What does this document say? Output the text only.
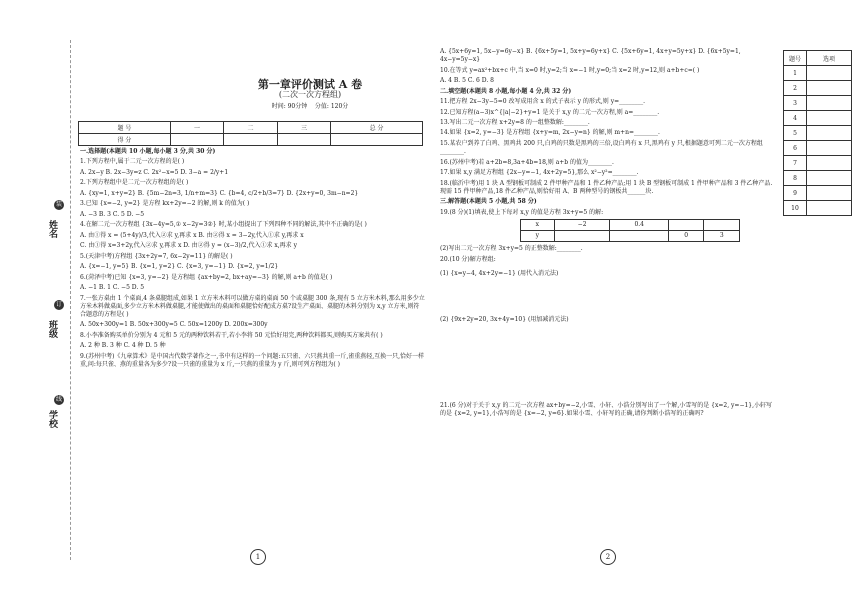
姓名
班级
学校
装
订
线
第一章评价测试 A 卷
(二次一次方程组)
时间: 90分钟 分值: 120分
题 号	一	二	三	总 分
得 分				

一.选择题(本题共 10 小题,每小题 3 分,共 30 分)

1.下列方程中,属于二元一次方程的是( )

A. 2x−y B. 2x−3y=z C. 2x²−x=5 D. 3−a = 2/y+1

2.下列方程组中是二元一次方程组的是( )

A. {xy=1, x+y=2} B. {5m−2n=3, 1/n+m=3} C. {b=4, c/2+b/3=7} D. {2x+y=0, 3m−n=2}

3.已知 {x=−2, y=2} 是方程 kx+2y=−2 的解,则 k 的值为( )

A. −3 B. 3 C. 5 D. −5

4.在解二元一次方程组 {3x−4y=5,① x−2y=3②} 时,某小组提出了下列四种不同的解法,其中不正确的是( )

A. 由①得 x = (5+4y)/3,代入②求 y,再求 x B. 由②得 x = 3−2y,代入①求 y,再求 x

C. 由①得 x=3+2y,代入②求 y,再求 x D. 由②得 y = (x−3)/2,代入①求 x,再求 y

5.(天津中考)方程组 {3x+2y=7, 6x−2y=11} 的解是( )

A. {x=−1, y=5} B. {x=1, y=2} C. {x=3, y=−1} D. {x=2, y=1/2}

6.(菏泽中考)已知 {x=3, y=−2} 是方程组 {ax+by=2, bx+ay=−3} 的解,则 a+b 的值是( )

A. −1 B. 1 C. −5 D. 5

7.一张方桌由 1 个桌面,4 条桌腿组成,如果 1 立方米木料可以做方桌的桌面 50 个或桌腿 300 条,现有 5 立方米木料,那么用多少立方米木料做桌面,多少立方米木料做桌腿,才能使做出的桌面和桌腿恰好配成方桌?设生产桌面、桌腿的木料分别为 x,y 立方米,则符合题意的方程是( )

A. 50x+300y=1 B. 50x+300y=5 C. 50x=1200y D. 200x=300y

8.小李准备购买单价分别为 4 元和 5 元的两种饮料若干,若小李将 50 元恰好用完,两种饮料都买,则购买方案共有( )

A. 2 种 B. 3 种 C. 4 种 D. 5 种

9.(苏州中考)《九章算术》是中国古代数学著作之一,书中有这样的一个问题:五只雀、六只燕共重一斤,雀重燕轻,互换一只,恰好一样重,问:每只雀、燕的重量各为多少?设一只雀的重量为 x 斤,一只燕的重量为 y 斤,则可列方程组为( )

A. {5x+6y=1, 5x−y=6y−x} B. {6x+5y=1, 5x+y=6y+x} C. {5x+6y=1, 4x+y=5y+x} D. {6x+5y=1, 4x−y=5y−x}

10.在等式 y=ax²+bx+c 中,当 x=0 时,y=2;当 x=−1 时,y=0;当 x=2 时,y=12,则 a+b+c=( )

A. 4 B. 5 C. 6 D. 8

二.填空题(本题共 8 小题,每小题 4 分,共 32 分)

11.把方程 2x−3y−5=0 改写成用含 x 的式子表示 y 的形式,则 y=________.

12.已知方程(a−3)x^{|a|−2}+y=1 是关于 x,y 的二元一次方程,则 a=________.

13.写出二元一次方程 x+2y=8 的一组整数解:________.

14.如果 {x=2, y=−3} 是方程组 {x+y=m, 2x−y=n} 的解,则 m+n=________.

15.某农户到养了白鸡、黑鸡共 200 只,白鸡的只数是黑鸡的三倍,设白鸡有 x 只,黑鸡有 y 只,根据题意可列二元一次方程组________.

16.(苏州中考)若 a+2b=8,3a+4b=18,则 a+b 的值为________.

17.如果 x,y 满足方程组 {2x−y=−1, 4x+2y=5},那么 x²−y²=________.

18.(临沂中考)用 1 块 A 型钢板可制成 2 件甲种产品和 1 件乙种产品;用 1 块 B 型钢板可制成 1 件甲种产品和 3 件乙种产品.现需 15 件甲种产品,18 件乙种产品,则恰好用 A、B 两种型号的钢板共______块.

三.解答题(本题共 5 小题,共 58 分)

19.(8 分)(1)填表,使上下每对 x,y 的值是方程 3x+y=5 的解:

x	−2	0.4		
y			0	3

(2)写出二元一次方程 3x+y=5 的正整数解:________.

20.(10 分)解方程组:

(1) {x=y−4, 4x+2y=−1} (用代入消元法)

(2) {9x+2y=20, 3x+4y=10} (用加减消元法)

21.(6 分)对于关于 x,y 的二元一次方程 ax+by=−2,小雪、小轩、小浩分别写出了一个解,小雪写的是 {x=2, y=−1},小轩写的是 {x=2, y=1},小浩写的是 {x=−2, y=6}.如果小雪、小轩写的正确,请你判断小浩写的正确吗?

题号	选项
1	
2	
3	
4	
5	
6	
7	
8	
9	
10	
1	2
